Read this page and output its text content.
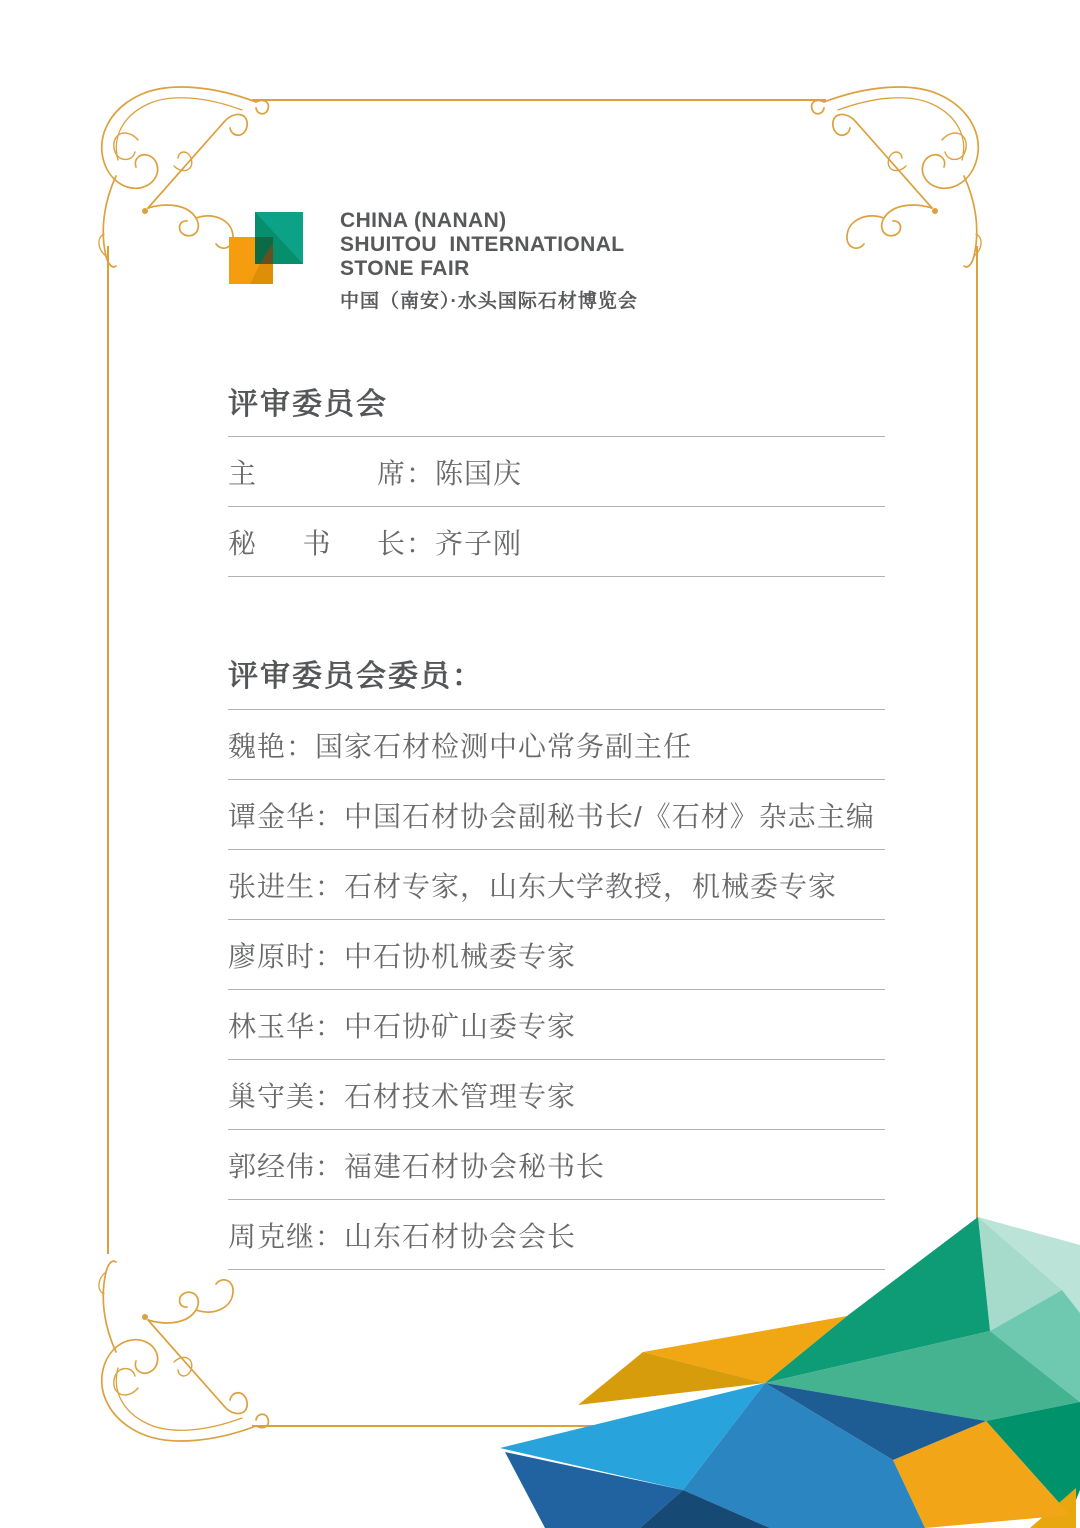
CHINA (NANAN)
SHUITOU  INTERNATIONAL
STONE FAIR
中国（南安）·水头国际石材博览会
评审委员会
主	席 ： 陈国庆
秘 书 长 ： 齐子刚
评审委员会委员：
魏艳 ： 国家石材检测中心常务副主任
谭金华 ： 中国石材协会副秘书长/《石材》杂志主编
张进生 ： 石材专家，山东大学教授，机械委专家
廖原时 ： 中石协机械委专家
林玉华 ： 中石协矿山委专家
巢守美 ： 石材技术管理专家
郭经伟 ： 福建石材协会秘书长
周克继 ： 山东石材协会会长
